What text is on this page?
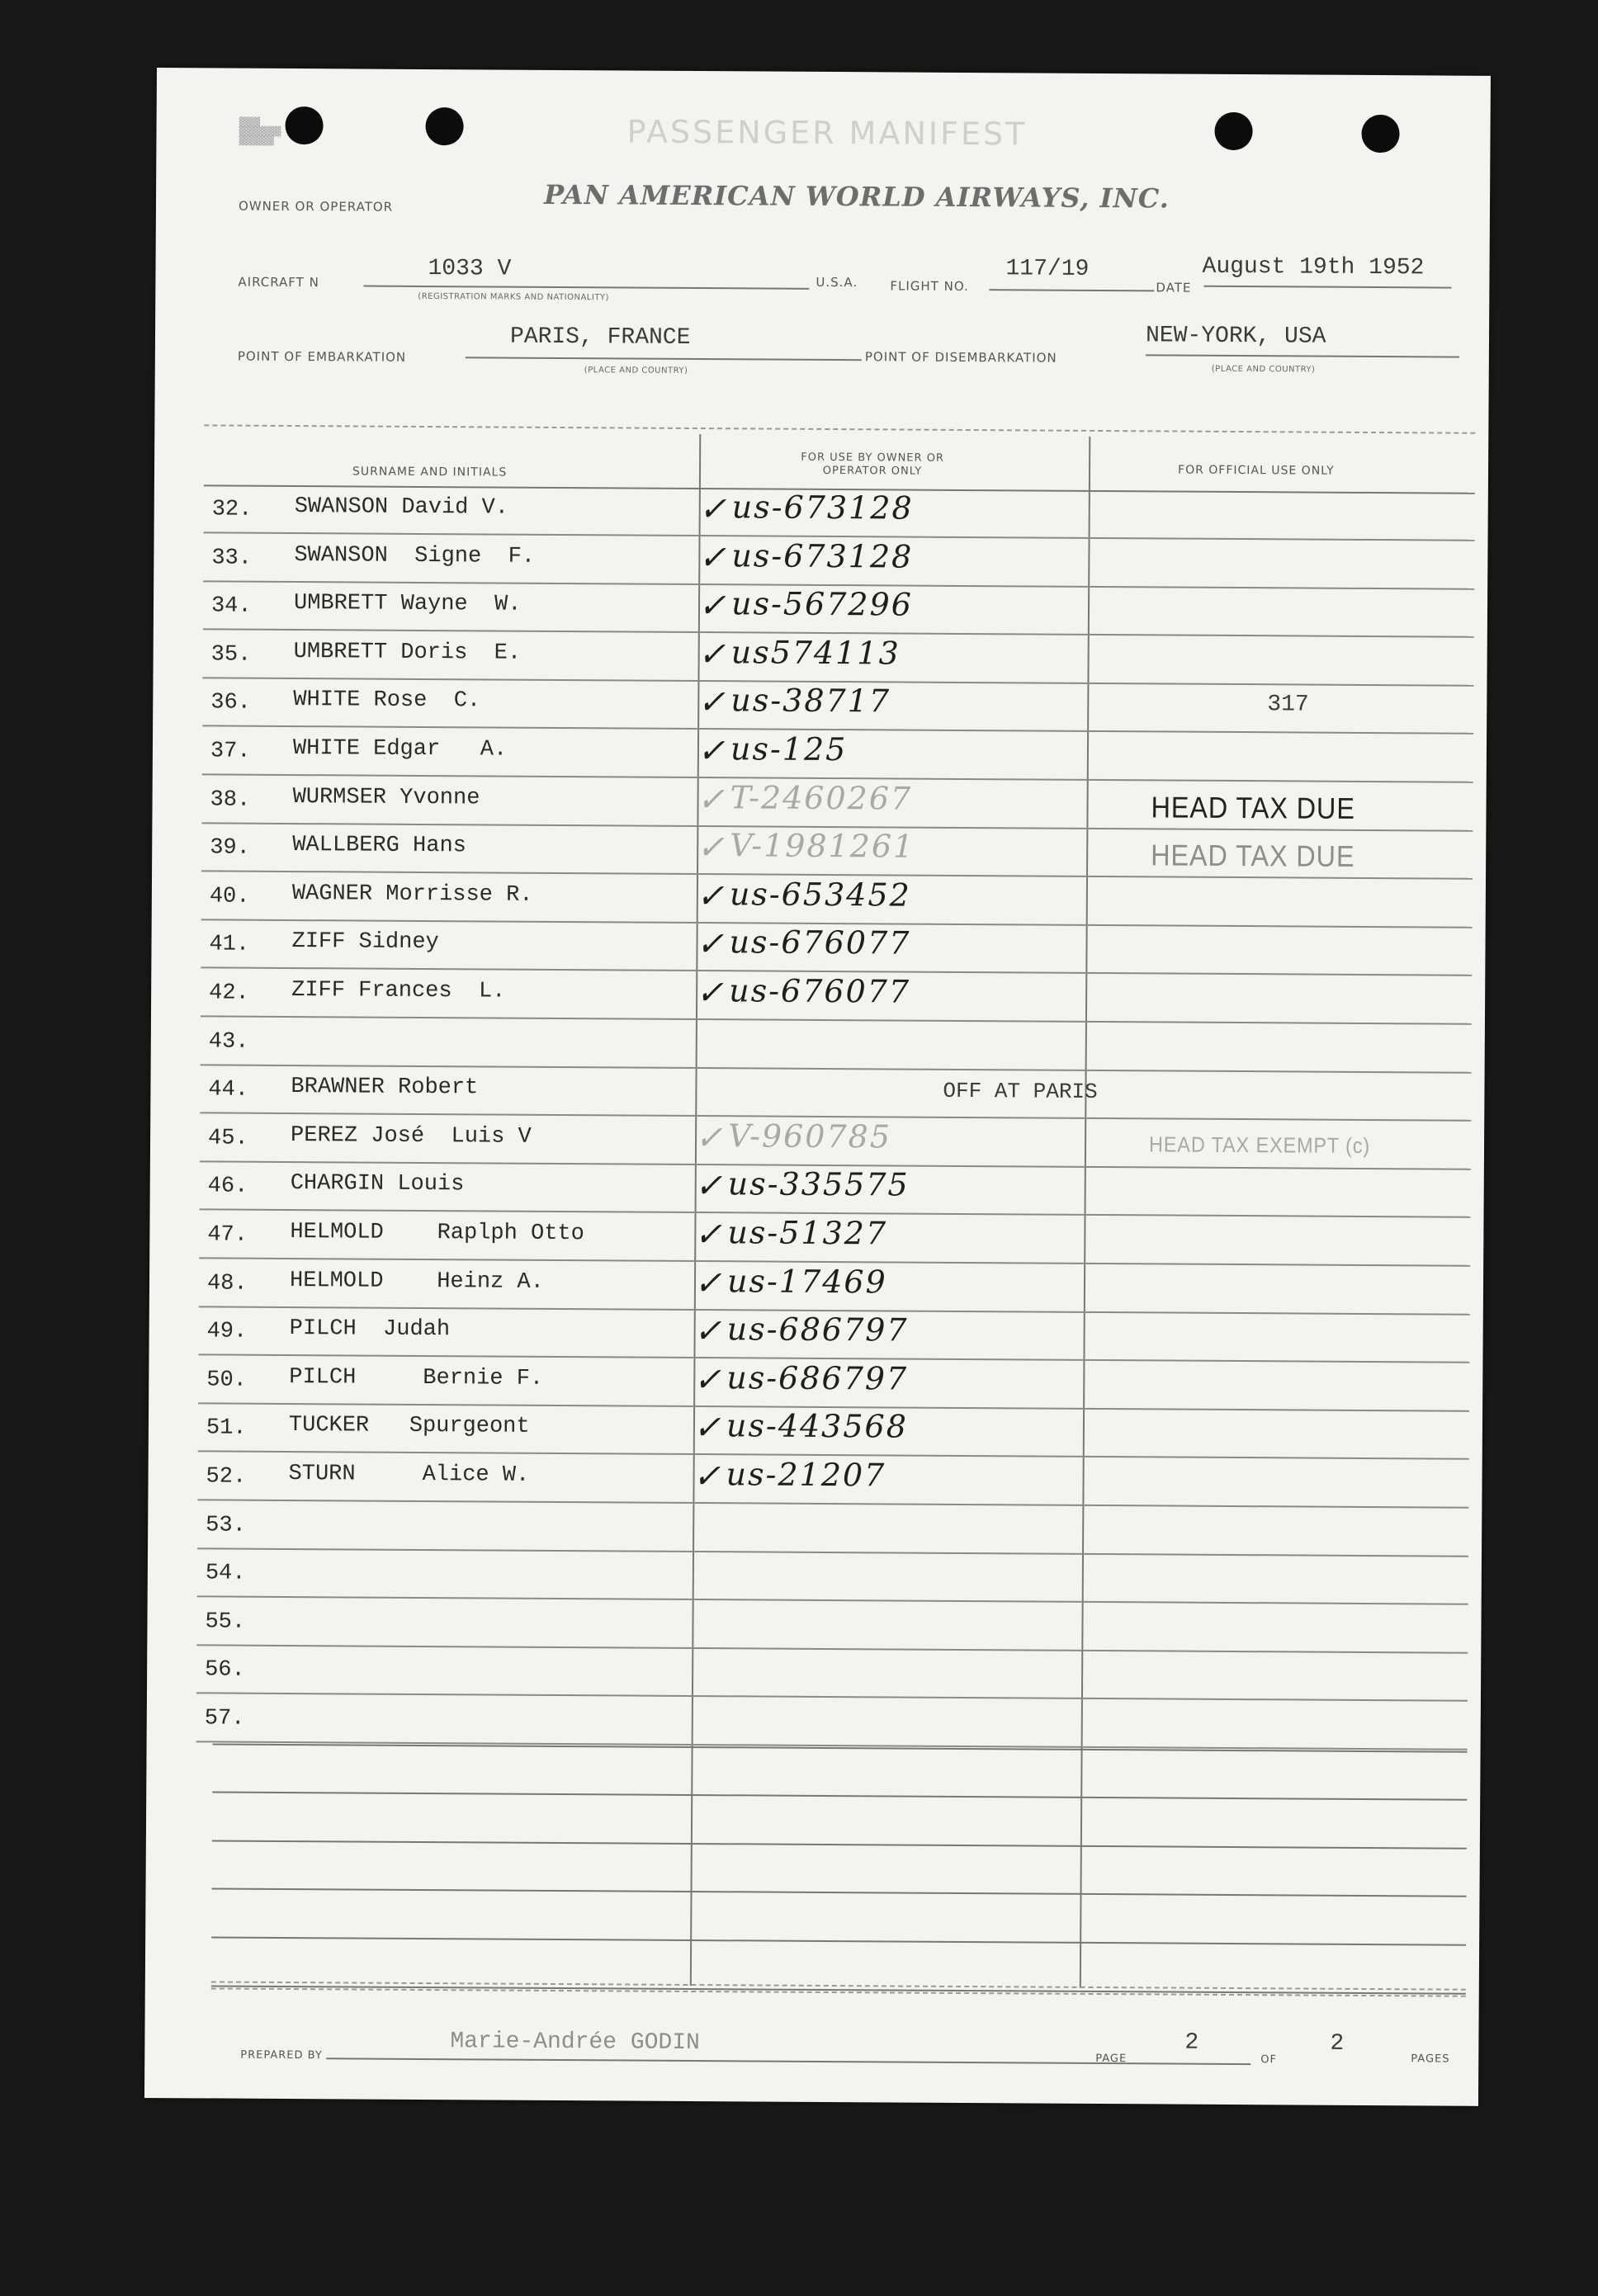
▓▓▓
▓▓▓▓▓▓
▓▓▓▓▓	PASSENGER MANIFEST
PAN AMERICAN WORLD AIRWAYS, INC.
OWNER OR OPERATOR
AIRCRAFT N
1033 V
(REGISTRATION MARKS AND NATIONALITY)
U.S.A.	FLIGHT NO.
117/19
DATE
August 19th 1952
POINT OF EMBARKATION
PARIS, FRANCE
(PLACE AND COUNTRY)
POINT OF DISEMBARKATION
NEW-YORK, USA
(PLACE AND COUNTRY)
SURNAME AND INITIALS
FOR USE BY OWNER OR OPERATOR ONLY	FOR OFFICIAL USE ONLY
32. SWANSON David V.	✓ us-673128
33. SWANSON  Signe  F.	✓ us-673128
34. UMBRETT Wayne  W.	✓ us-567296
35. UMBRETT Doris  E.	✓ us574113
36. WHITE Rose  C.	✓ us-38717	317
37. WHITE Edgar   A.	✓ us-125
38. WURMSER Yvonne	✓ T-2460267	HEAD TAX DUE
39. WALLBERG Hans	✓ V-1981261	HEAD TAX DUE
40. WAGNER Morrisse R.	✓ us-653452
41. ZIFF Sidney	✓ us-676077
42. ZIFF Frances  L.	✓ us-676077
43.
44. BRAWNER Robert	OFF AT PARIS
45. PEREZ José  Luis V	✓ V-960785	HEAD TAX EXEMPT (c)
46. CHARGIN Louis	✓ us-335575
47. HELMOLD    Raplph Otto	✓ us-51327
48. HELMOLD    Heinz A.	✓ us-17469
49. PILCH  Judah	✓ us-686797
50. PILCH     Bernie F.	✓ us-686797
51. TUCKER   Spurgeont	✓ us-443568
52. STURN     Alice W.	✓ us-21207
53.
54.
55.
56.
57.
PREPARED BY	Marie-Andrée GODIN
PAGE
2
OF
2
PAGES
